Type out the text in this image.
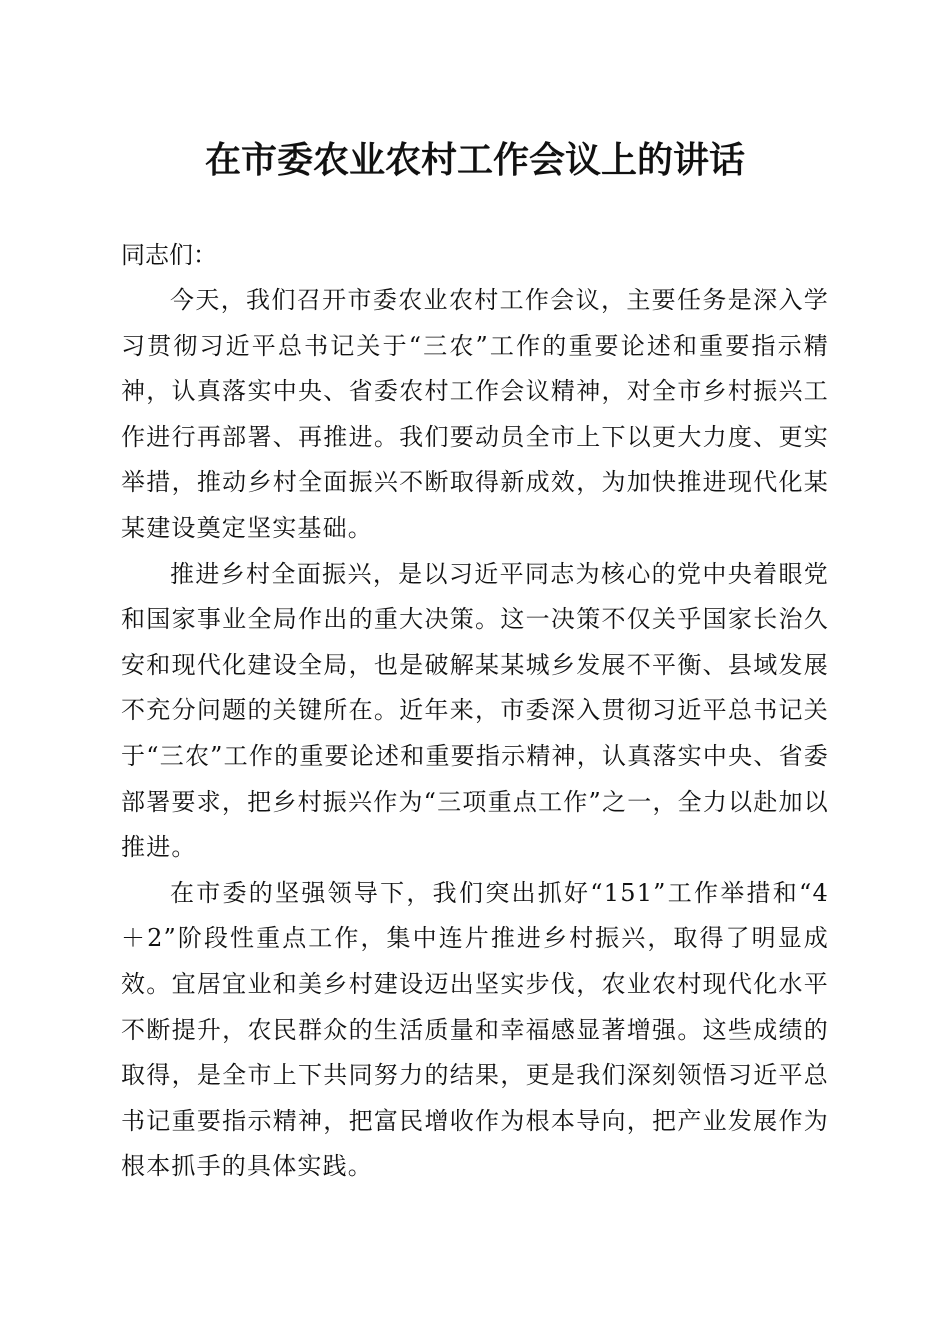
在市委农业农村工作会议上的讲话

同志们：

今天，我们召开市委农业农村工作会议，主要任务是深入学习贯彻习近平总书记关于“三农”工作的重要论述和重要指示精神，认真落实中央、省委农村工作会议精神，对全市乡村振兴工作进行再部署、再推进。我们要动员全市上下以更大力度、更实举措，推动乡村全面振兴不断取得新成效，为加快推进现代化某某建设奠定坚实基础。

推进乡村全面振兴，是以习近平同志为核心的党中央着眼党和国家事业全局作出的重大决策。这一决策不仅关乎国家长治久安和现代化建设全局，也是破解某某城乡发展不平衡、县域发展不充分问题的关键所在。近年来，市委深入贯彻习近平总书记关于“三农”工作的重要论述和重要指示精神，认真落实中央、省委部署要求，把乡村振兴作为“三项重点工作”之一，全力以赴加以推进。

在市委的坚强领导下，我们突出抓好“151”工作举措和“4＋2”阶段性重点工作，集中连片推进乡村振兴，取得了明显成效。宜居宜业和美乡村建设迈出坚实步伐，农业农村现代化水平不断提升，农民群众的生活质量和幸福感显著增强。这些成绩的取得，是全市上下共同努力的结果，更是我们深刻领悟习近平总书记重要指示精神，把富民增收作为根本导向，把产业发展作为根本抓手的具体实践。
